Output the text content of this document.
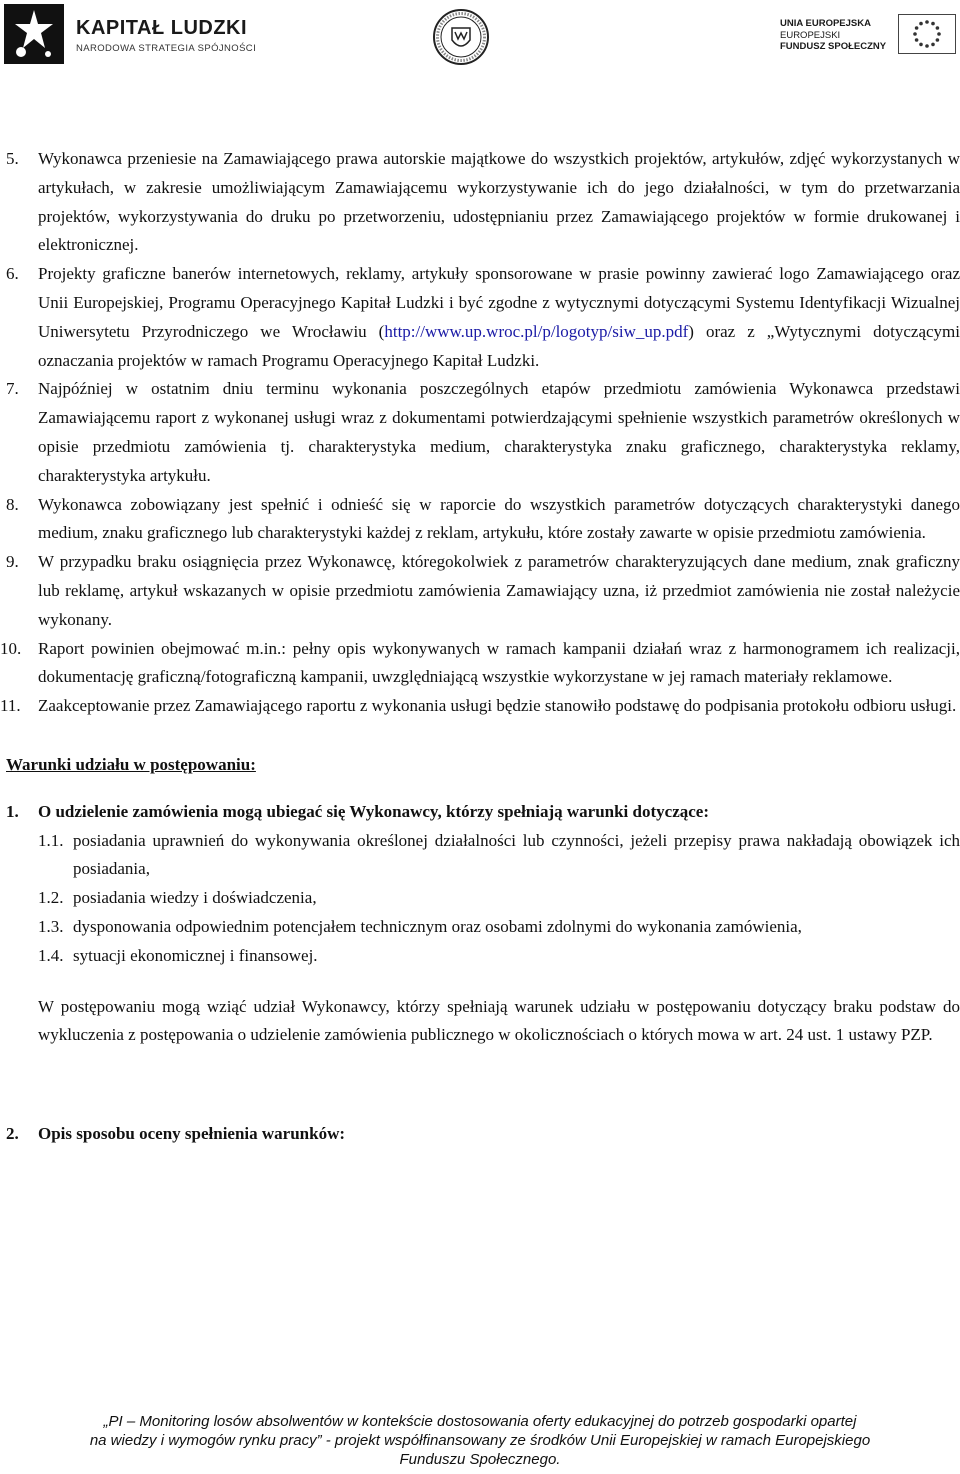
KAPITAŁ LUDZKI
NARODOWA STRATEGIA SPÓJNOŚCI
UNIA EUROPEJSKA
EUROPEJSKI
FUNDUSZ SPOŁECZNY
5. Wykonawca przeniesie na Zamawiającego prawa autorskie majątkowe do wszystkich projektów, artykułów, zdjęć wykorzystanych w artykułach, w zakresie umożliwiającym Zamawiającemu wykorzystywanie ich do jego działalności, w tym do przetwarzania projektów, wykorzystywania do druku po przetworzeniu, udostępnianiu przez Zamawiającego projektów w formie drukowanej i elektronicznej.
6. Projekty graficzne banerów internetowych, reklamy, artykuły sponsorowane w prasie powinny zawierać logo Zamawiającego oraz Unii Europejskiej, Programu Operacyjnego Kapitał Ludzki i być zgodne z wytycznymi dotyczącymi Systemu Identyfikacji Wizualnej Uniwersytetu Przyrodniczego we Wrocławiu (http://www.up.wroc.pl/p/logotyp/siw_up.pdf) oraz z „Wytycznymi dotyczącymi oznaczania projektów w ramach Programu Operacyjnego Kapitał Ludzki.
7. Najpóźniej w ostatnim dniu terminu wykonania poszczególnych etapów przedmiotu zamówienia Wykonawca przedstawi Zamawiającemu raport z wykonanej usługi wraz z dokumentami potwierdzającymi spełnienie wszystkich parametrów określonych w opisie przedmiotu zamówienia tj. charakterystyka medium, charakterystyka znaku graficznego, charakterystyka reklamy, charakterystyka artykułu.
8. Wykonawca zobowiązany jest spełnić i odnieść się w raporcie do wszystkich parametrów dotyczących charakterystyki danego medium, znaku graficznego lub charakterystyki każdej z reklam, artykułu, które zostały zawarte w opisie przedmiotu zamówienia.
9. W przypadku braku osiągnięcia przez Wykonawcę, któregokolwiek z parametrów charakteryzujących dane medium, znak graficzny lub reklamę, artykuł wskazanych w opisie przedmiotu zamówienia Zamawiający uzna, iż przedmiot zamówienia nie został należycie wykonany.
10. Raport powinien obejmować m.in.: pełny opis wykonywanych w ramach kampanii działań wraz z harmonogramem ich realizacji, dokumentację graficzną/fotograficzną kampanii, uwzględniającą wszystkie wykorzystane w jej ramach materiały reklamowe.
11. Zaakceptowanie przez Zamawiającego raportu z wykonania usługi będzie stanowiło podstawę do podpisania protokołu odbioru usługi.
Warunki udziału w postępowaniu:
1. O udzielenie zamówienia mogą ubiegać się Wykonawcy, którzy spełniają warunki dotyczące:
1.1. posiadania uprawnień do wykonywania określonej działalności lub czynności, jeżeli przepisy prawa nakładają obowiązek ich posiadania,
1.2. posiadania wiedzy i doświadczenia,
1.3. dysponowania odpowiednim potencjałem technicznym oraz osobami zdolnymi do wykonania zamówienia,
1.4. sytuacji ekonomicznej i finansowej.
W postępowaniu mogą wziąć udział Wykonawcy, którzy spełniają warunek udziału w postępowaniu dotyczący braku podstaw do wykluczenia z postępowania o udzielenie zamówienia publicznego w okolicznościach o których mowa w art. 24 ust. 1 ustawy PZP.
2. Opis sposobu oceny spełnienia warunków:
„PI – Monitoring losów absolwentów w kontekście dostosowania oferty edukacyjnej do potrzeb gospodarki opartej
na wiedzy i wymogów rynku pracy” - projekt współfinansowany ze środków Unii Europejskiej w ramach Europejskiego
Funduszu Społecznego.
